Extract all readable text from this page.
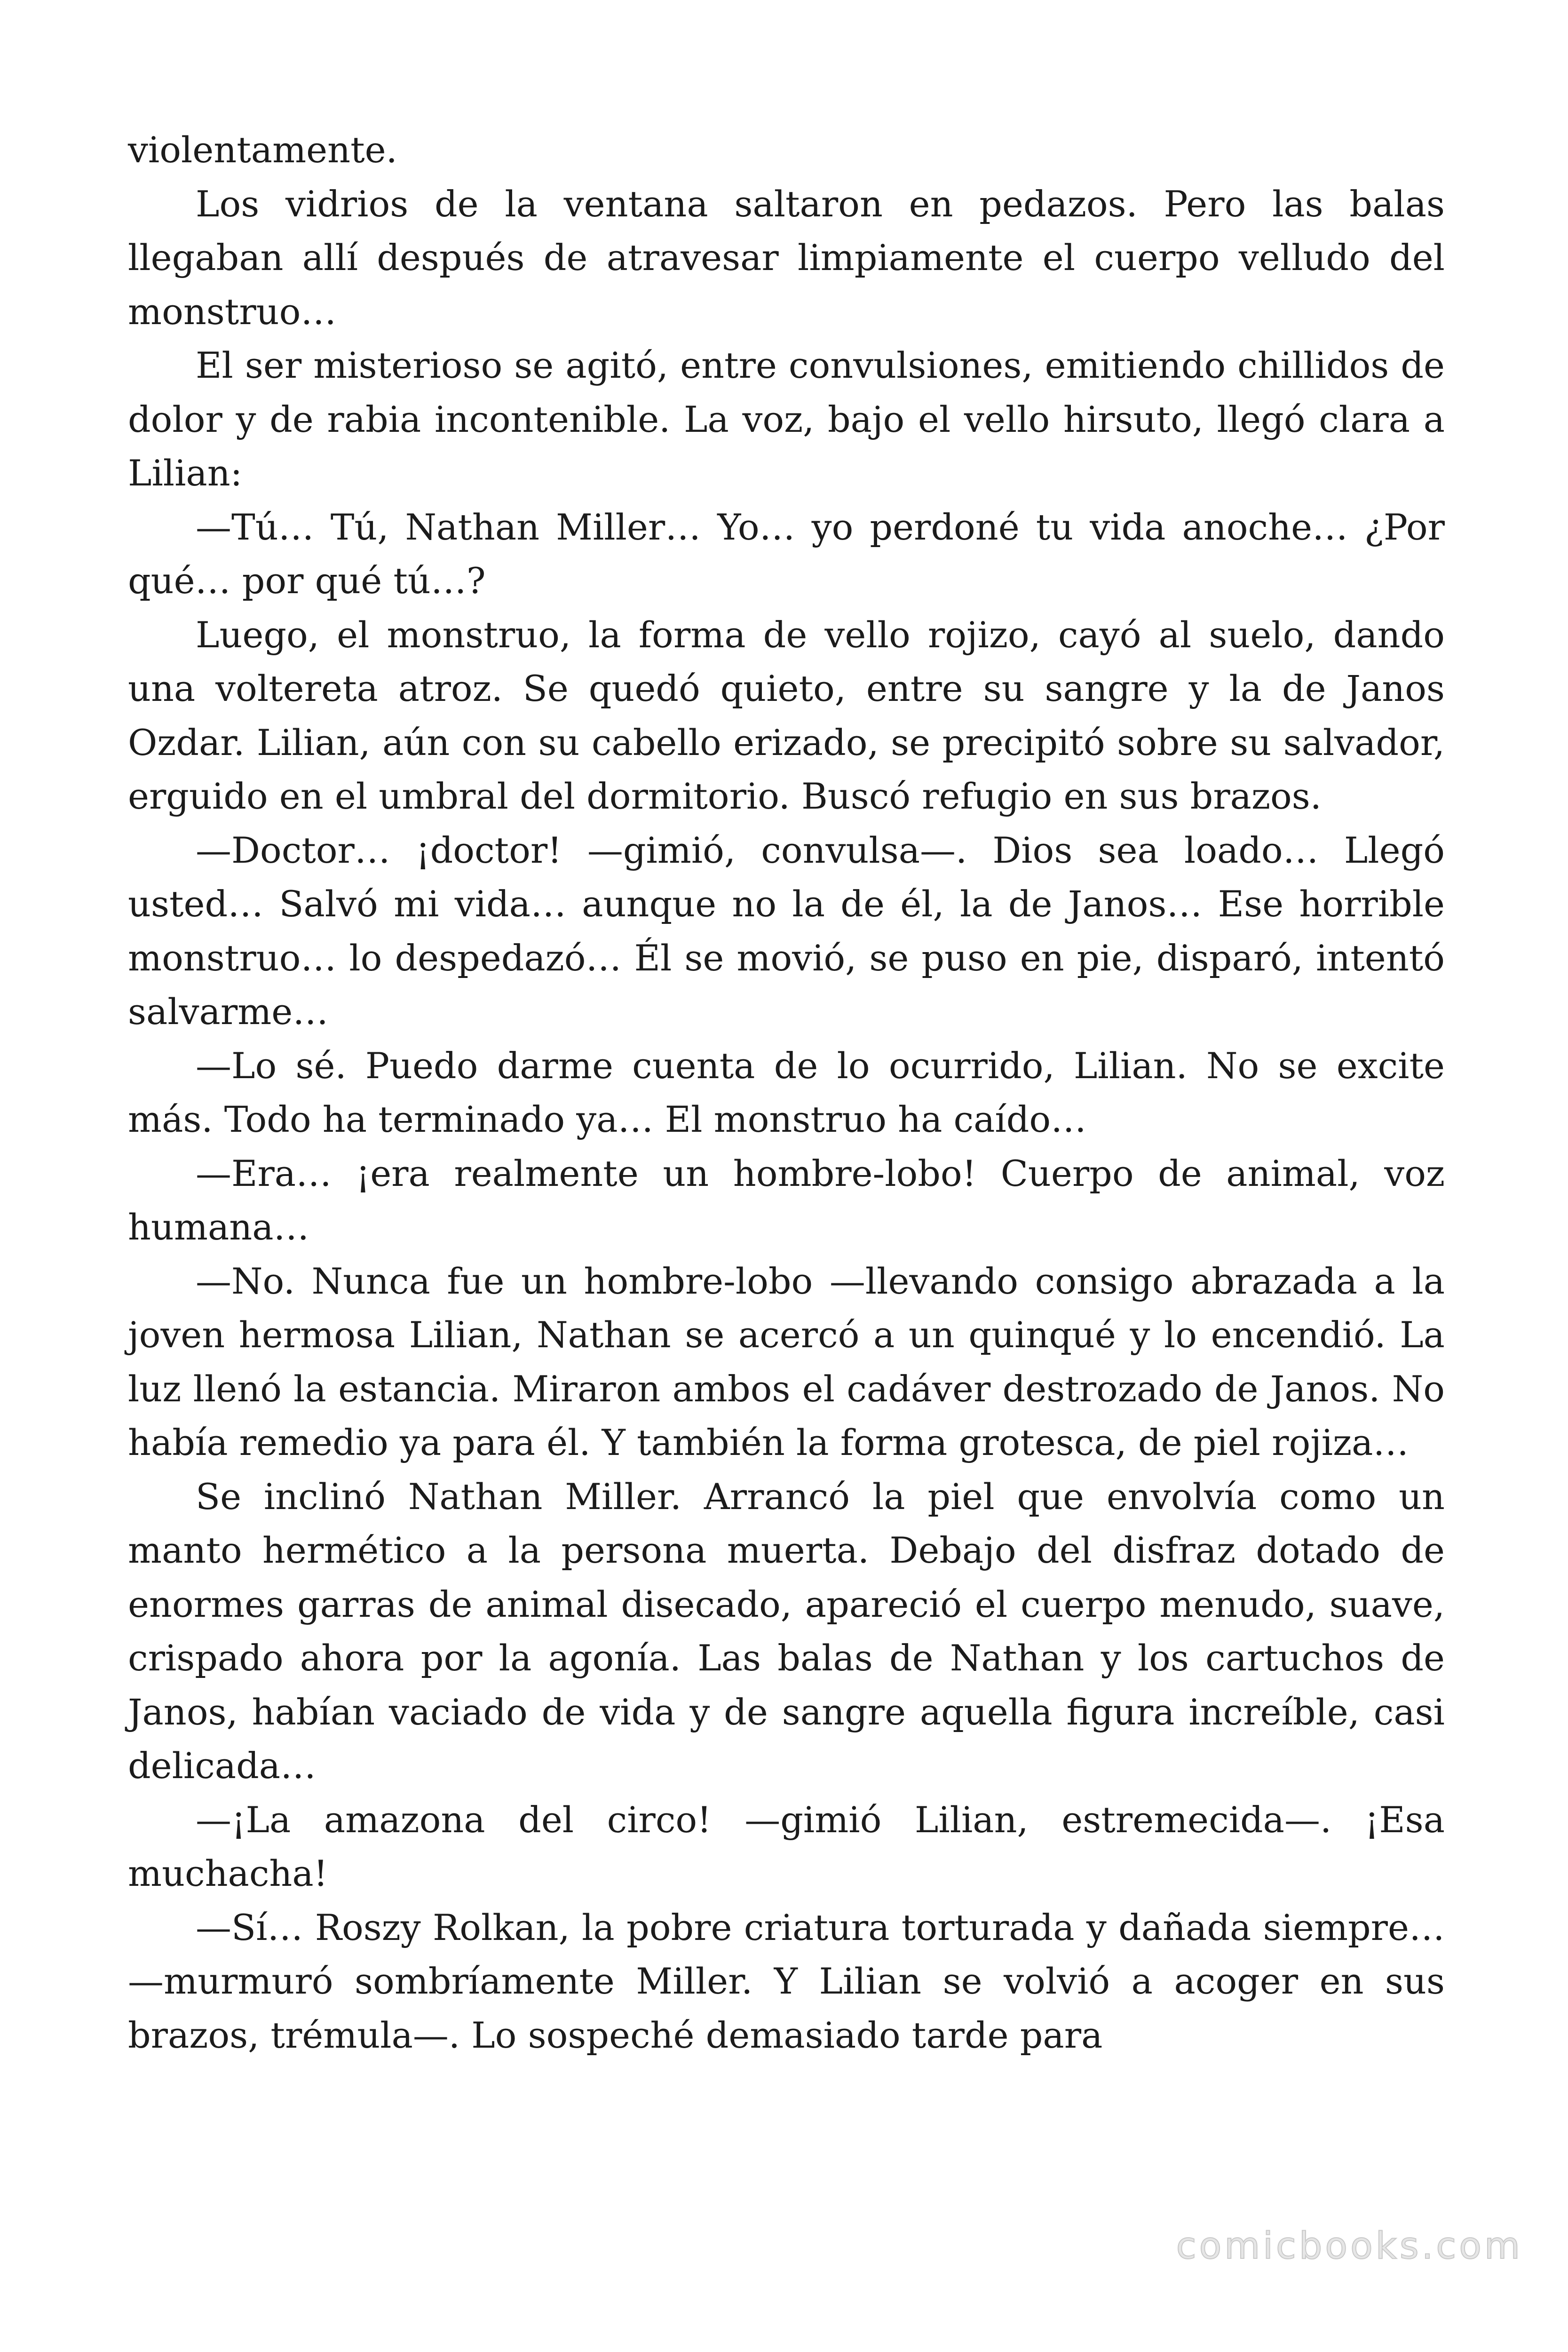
violentamente.

Los vidrios de la ventana saltaron en pedazos. Pero las balas llegaban allí después de atravesar limpiamente el cuerpo velludo del monstruo…

El ser misterioso se agitó, entre convulsiones, emitiendo chillidos de dolor y de rabia incontenible. La voz, bajo el vello hirsuto, llegó clara a Lilian:

—Tú… Tú, Nathan Miller… Yo… yo perdoné tu vida anoche… ¿Por qué… por qué tú…?

Luego, el monstruo, la forma de vello rojizo, cayó al suelo, dando una voltereta atroz. Se quedó quieto, entre su sangre y la de Janos Ozdar. Lilian, aún con su cabello erizado, se precipitó sobre su salvador, erguido en el umbral del dormitorio. Buscó refugio en sus brazos.

—Doctor… ¡doctor! —gimió, convulsa—. Dios sea loado… Llegó usted… Salvó mi vida… aunque no la de él, la de Janos… Ese horrible monstruo… lo despedazó… Él se movió, se puso en pie, disparó, intentó salvarme…

—Lo sé. Puedo darme cuenta de lo ocurrido, Lilian. No se excite más. Todo ha terminado ya… El monstruo ha caído…

—Era… ¡era realmente un hombre-lobo! Cuerpo de animal, voz humana…

—No. Nunca fue un hombre-lobo —llevando consigo abrazada a la joven hermosa Lilian, Nathan se acercó a un quinqué y lo encendió. La luz llenó la estancia. Miraron ambos el cadáver destrozado de Janos. No había remedio ya para él. Y también la forma grotesca, de piel rojiza…

Se inclinó Nathan Miller. Arrancó la piel que envolvía como un manto hermético a la persona muerta. Debajo del disfraz dotado de enormes garras de animal disecado, apareció el cuerpo menudo, suave, crispado ahora por la agonía. Las balas de Nathan y los cartuchos de Janos, habían vaciado de vida y de sangre aquella figura increíble, casi delicada…

—¡La amazona del circo! —gimió Lilian, estremecida—. ¡Esa muchacha!

—Sí… Roszy Rolkan, la pobre criatura torturada y dañada siempre… —murmuró sombríamente Miller. Y Lilian se volvió a acoger en sus brazos, trémula—. Lo sospeché demasiado tarde para

comicbooks.com
